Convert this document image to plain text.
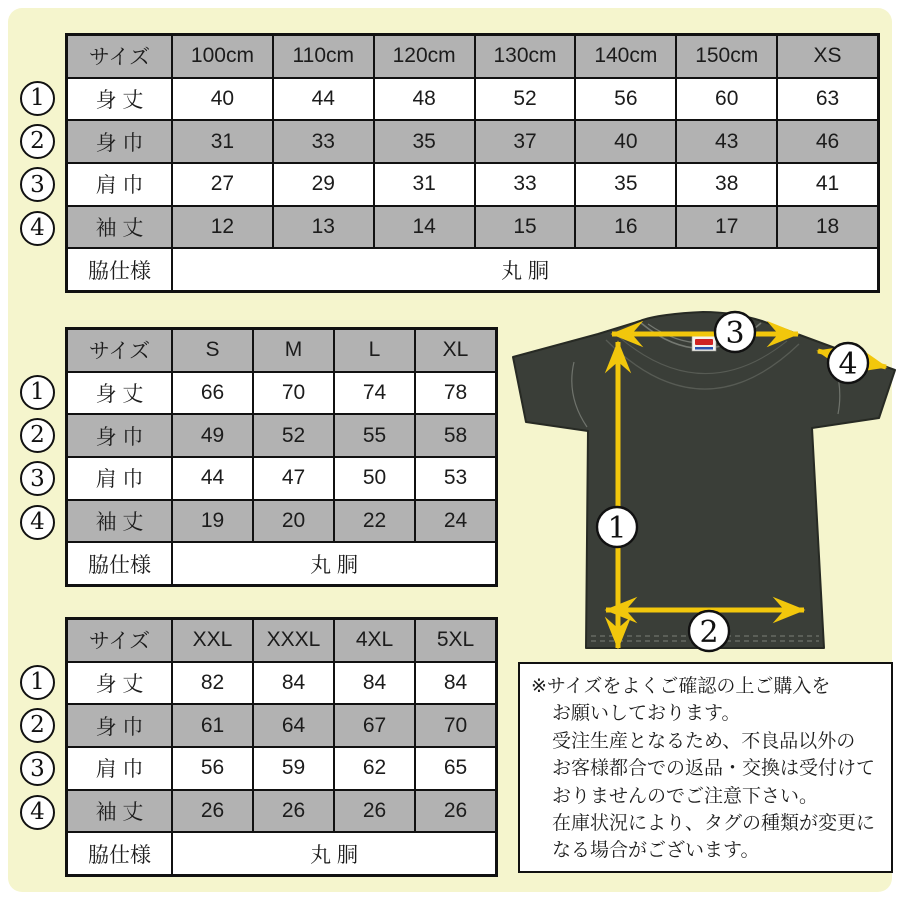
サイズ	100cm	110cm	120cm	130cm	140cm	150cm	XS
身 丈	40	44	48	52	56	60	63
身 巾	31	33	35	37	40	43	46
肩 巾	27	29	31	33	35	38	41
袖 丈	12	13	14	15	16	17	18
脇仕様	丸 胴
サイズ	S	M	L	XL
身 丈	66	70	74	78
身 巾	49	52	55	58
肩 巾	44	47	50	53
袖 丈	19	20	22	24
脇仕様	丸 胴
サイズ	XXL	XXXL	4XL	5XL
身 丈	82	84	84	84
身 巾	61	64	67	70
肩 巾	56	59	62	65
袖 丈	26	26	26	26
脇仕様	丸 胴
1
2
3
4
1
2
3
4
1
2
3
4
1
2
3
4
※サイズをよくご確認の上ご購入を
お願いしております。
受注生産となるため、不良品以外の
お客様都合での返品・交換は受付けて
おりませんのでご注意下さい。
在庫状況により、タグの種類が変更に
なる場合がございます。
